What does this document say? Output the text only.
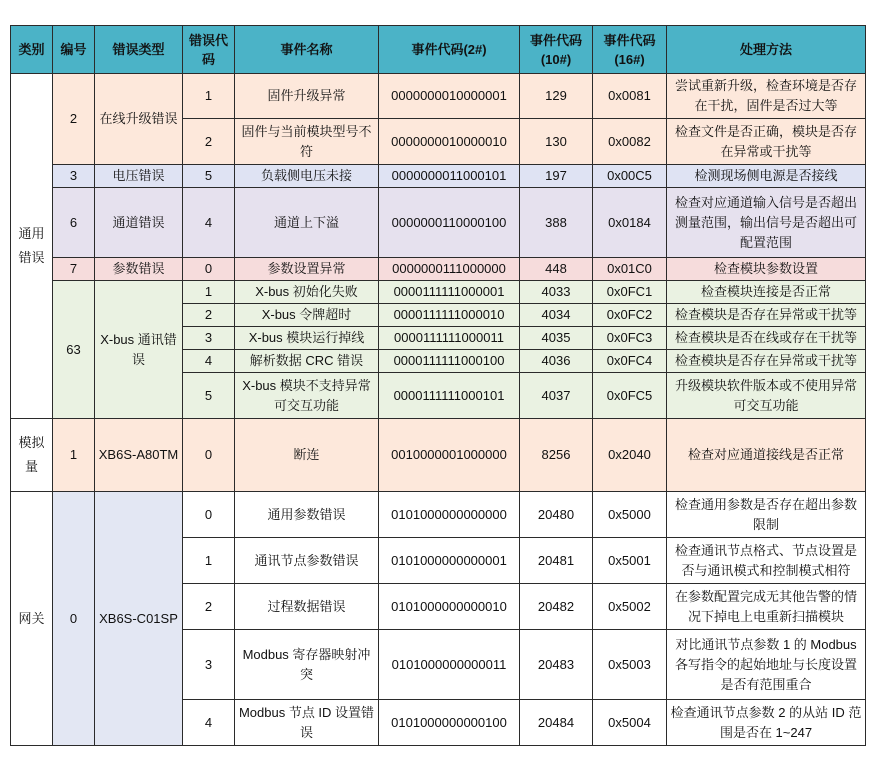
类别	编号	错误类型	错误代码	事件名称	事件代码(2#)	事件代码(10#)	事件代码(16#)	处理方法
通用错误	2	在线升级错误	1	固件升级异常	0000000010000001	129	0x0081	尝试重新升级，检查环境是否存在干扰，固件是否过大等
			2	固件与当前模块型号不符	0000000010000010	130	0x0082	检查文件是否正确，模块是否存在异常或干扰等
	3	电压错误	5	负载侧电压未接	0000000011000101	197	0x00C5	检测现场侧电源是否接线
	6	通道错误	4	通道上下溢	0000000110000100	388	0x0184	检查对应通道输入信号是否超出测量范围，输出信号是否超出可配置范围
	7	参数错误	0	参数设置异常	0000000111000000	448	0x01C0	检查模块参数设置
	63	X-bus 通讯错误	1	X-bus 初始化失败	0000111111000001	4033	0x0FC1	检查模块连接是否正常
			2	X-bus 令牌超时	0000111111000010	4034	0x0FC2	检查模块是否存在异常或干扰等
			3	X-bus 模块运行掉线	0000111111000011	4035	0x0FC3	检查模块是否在线或存在干扰等
			4	解析数据 CRC 错误	0000111111000100	4036	0x0FC4	检查模块是否存在异常或干扰等
			5	X-bus 模块不支持异常可交互功能	0000111111000101	4037	0x0FC5	升级模块软件版本或不使用异常可交互功能
模拟量	1	XB6S-A80TM	0	断连	0010000001000000	8256	0x2040	检查对应通道接线是否正常
网关	0	XB6S-C01SP	0	通用参数错误	0101000000000000	20480	0x5000	检查通用参数是否存在超出参数限制
			1	通讯节点参数错误	0101000000000001	20481	0x5001	检查通讯节点格式、节点设置是否与通讯模式和控制模式相符
			2	过程数据错误	0101000000000010	20482	0x5002	在参数配置完成无其他告警的情况下掉电上电重新扫描模块
			3	Modbus 寄存器映射冲突	0101000000000011	20483	0x5003	对比通讯节点参数 1 的 Modbus 各写指令的起始地址与长度设置是否有范围重合
			4	Modbus 节点 ID 设置错误	0101000000000100	20484	0x5004	检查通讯节点参数 2 的从站 ID 范围是否在 1~247
